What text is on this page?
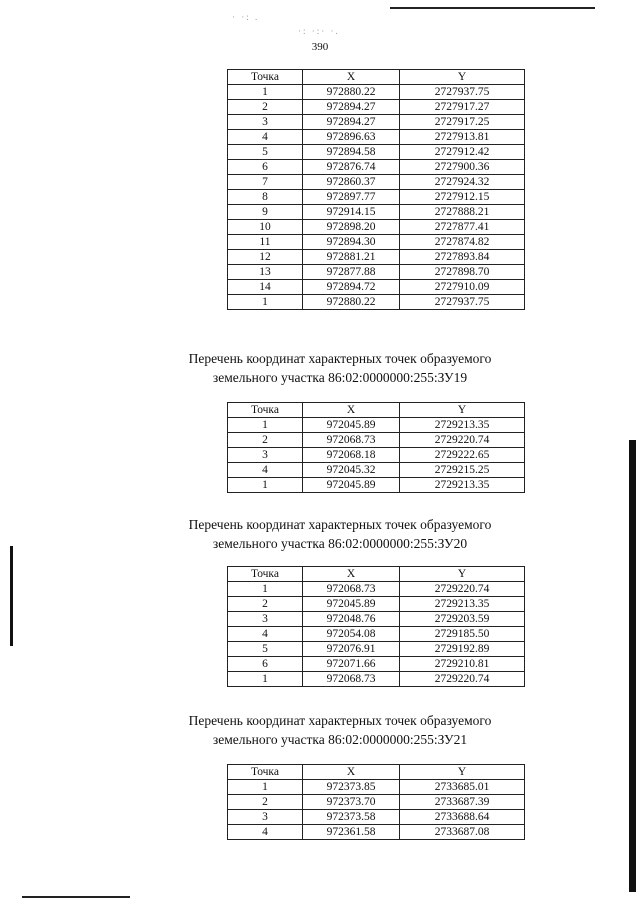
· ·: .
·: ·:· ·.
390
Точка	X	Y
1	972880.22	2727937.75
2	972894.27	2727917.27
3	972894.27	2727917.25
4	972896.63	2727913.81
5	972894.58	2727912.42
6	972876.74	2727900.36
7	972860.37	2727924.32
8	972897.77	2727912.15
9	972914.15	2727888.21
10	972898.20	2727877.41
11	972894.30	2727874.82
12	972881.21	2727893.84
13	972877.88	2727898.70
14	972894.72	2727910.09
1	972880.22	2727937.75
Перечень координат характерных точек образуемого
земельного участка 86:02:0000000:255:ЗУ19
Точка	X	Y
1	972045.89	2729213.35
2	972068.73	2729220.74
3	972068.18	2729222.65
4	972045.32	2729215.25
1	972045.89	2729213.35
Перечень координат характерных точек образуемого
земельного участка 86:02:0000000:255:ЗУ20
Точка	X	Y
1	972068.73	2729220.74
2	972045.89	2729213.35
3	972048.76	2729203.59
4	972054.08	2729185.50
5	972076.91	2729192.89
6	972071.66	2729210.81
1	972068.73	2729220.74
Перечень координат характерных точек образуемого
земельного участка 86:02:0000000:255:ЗУ21
Точка	X	Y
1	972373.85	2733685.01
2	972373.70	2733687.39
3	972373.58	2733688.64
4	972361.58	2733687.08
